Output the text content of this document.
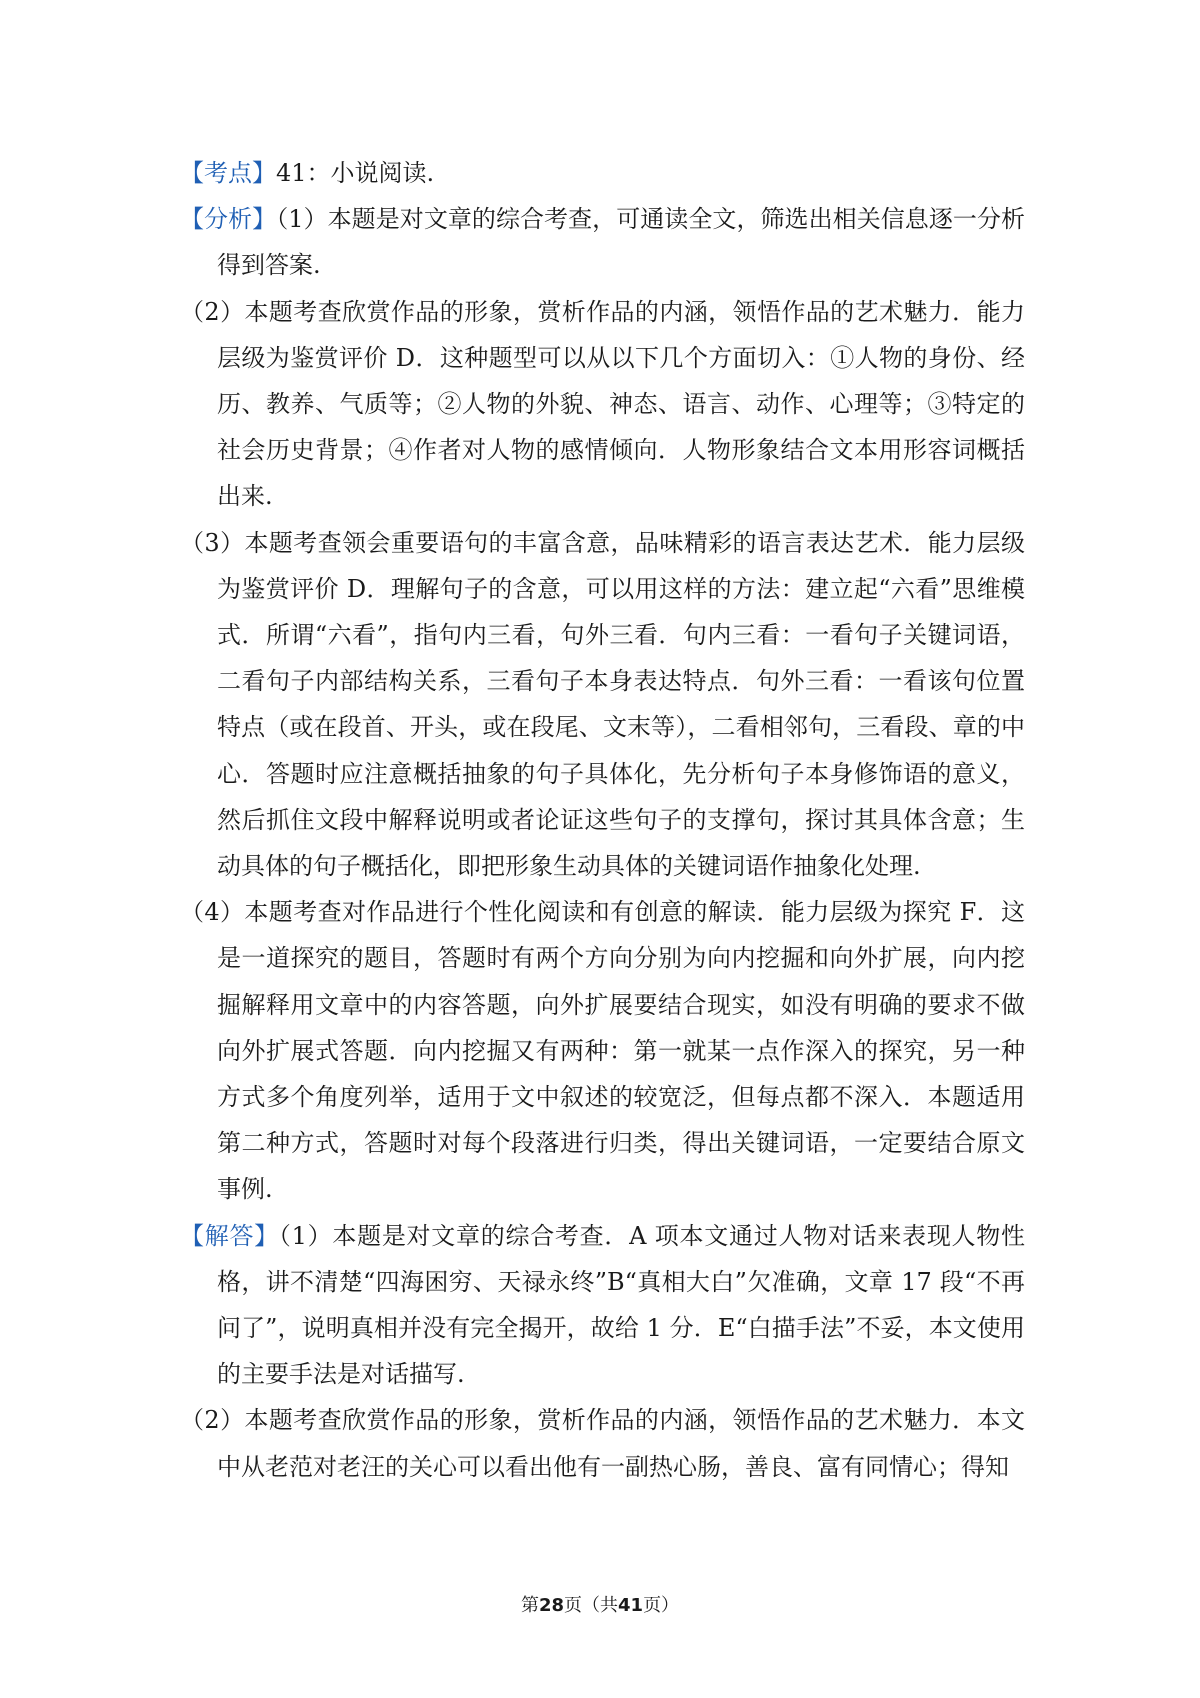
【考点】41：小说阅读.

【分析】（1）本题是对文章的综合考查，可通读全文，筛选出相关信息逐一分析得到答案.

（2）本题考查欣赏作品的形象，赏析作品的内涵，领悟作品的艺术魅力．能力层级为鉴赏评价 D．这种题型可以从以下几个方面切入：①人物的身份、经历、教养、气质等；②人物的外貌、神态、语言、动作、心理等；③特定的社会历史背景；④作者对人物的感情倾向．人物形象结合文本用形容词概括出来.

（3）本题考查领会重要语句的丰富含意，品味精彩的语言表达艺术．能力层级为鉴赏评价 D．理解句子的含意，可以用这样的方法：建立起“六看”思维模式．所谓“六看”，指句内三看，句外三看．句内三看：一看句子关键词语，二看句子内部结构关系，三看句子本身表达特点．句外三看：一看该句位置特点（或在段首、开头，或在段尾、文末等），二看相邻句，三看段、章的中心．答题时应注意概括抽象的句子具体化，先分析句子本身修饰语的意义，然后抓住文段中解释说明或者论证这些句子的支撑句，探讨其具体含意；生动具体的句子概括化，即把形象生动具体的关键词语作抽象化处理.

（4）本题考查对作品进行个性化阅读和有创意的解读．能力层级为探究 F．这是一道探究的题目，答题时有两个方向分别为向内挖掘和向外扩展，向内挖掘解释用文章中的内容答题，向外扩展要结合现实，如没有明确的要求不做向外扩展式答题．向内挖掘又有两种：第一就某一点作深入的探究，另一种方式多个角度列举，适用于文中叙述的较宽泛，但每点都不深入．本题适用第二种方式，答题时对每个段落进行归类，得出关键词语，一定要结合原文事例.

【解答】（1）本题是对文章的综合考查．A 项本文通过人物对话来表现人物性格，讲不清楚“四海困穷、天禄永终”B“真相大白”欠准确，文章 17 段“不再问了”，说明真相并没有完全揭开，故给 1 分．E“白描手法”不妥，本文使用的主要手法是对话描写.

（2）本题考查欣赏作品的形象，赏析作品的内涵，领悟作品的艺术魅力．本文中从老范对老汪的关心可以看出他有一副热心肠，善良、富有同情心；得知

第28页（共41页）
